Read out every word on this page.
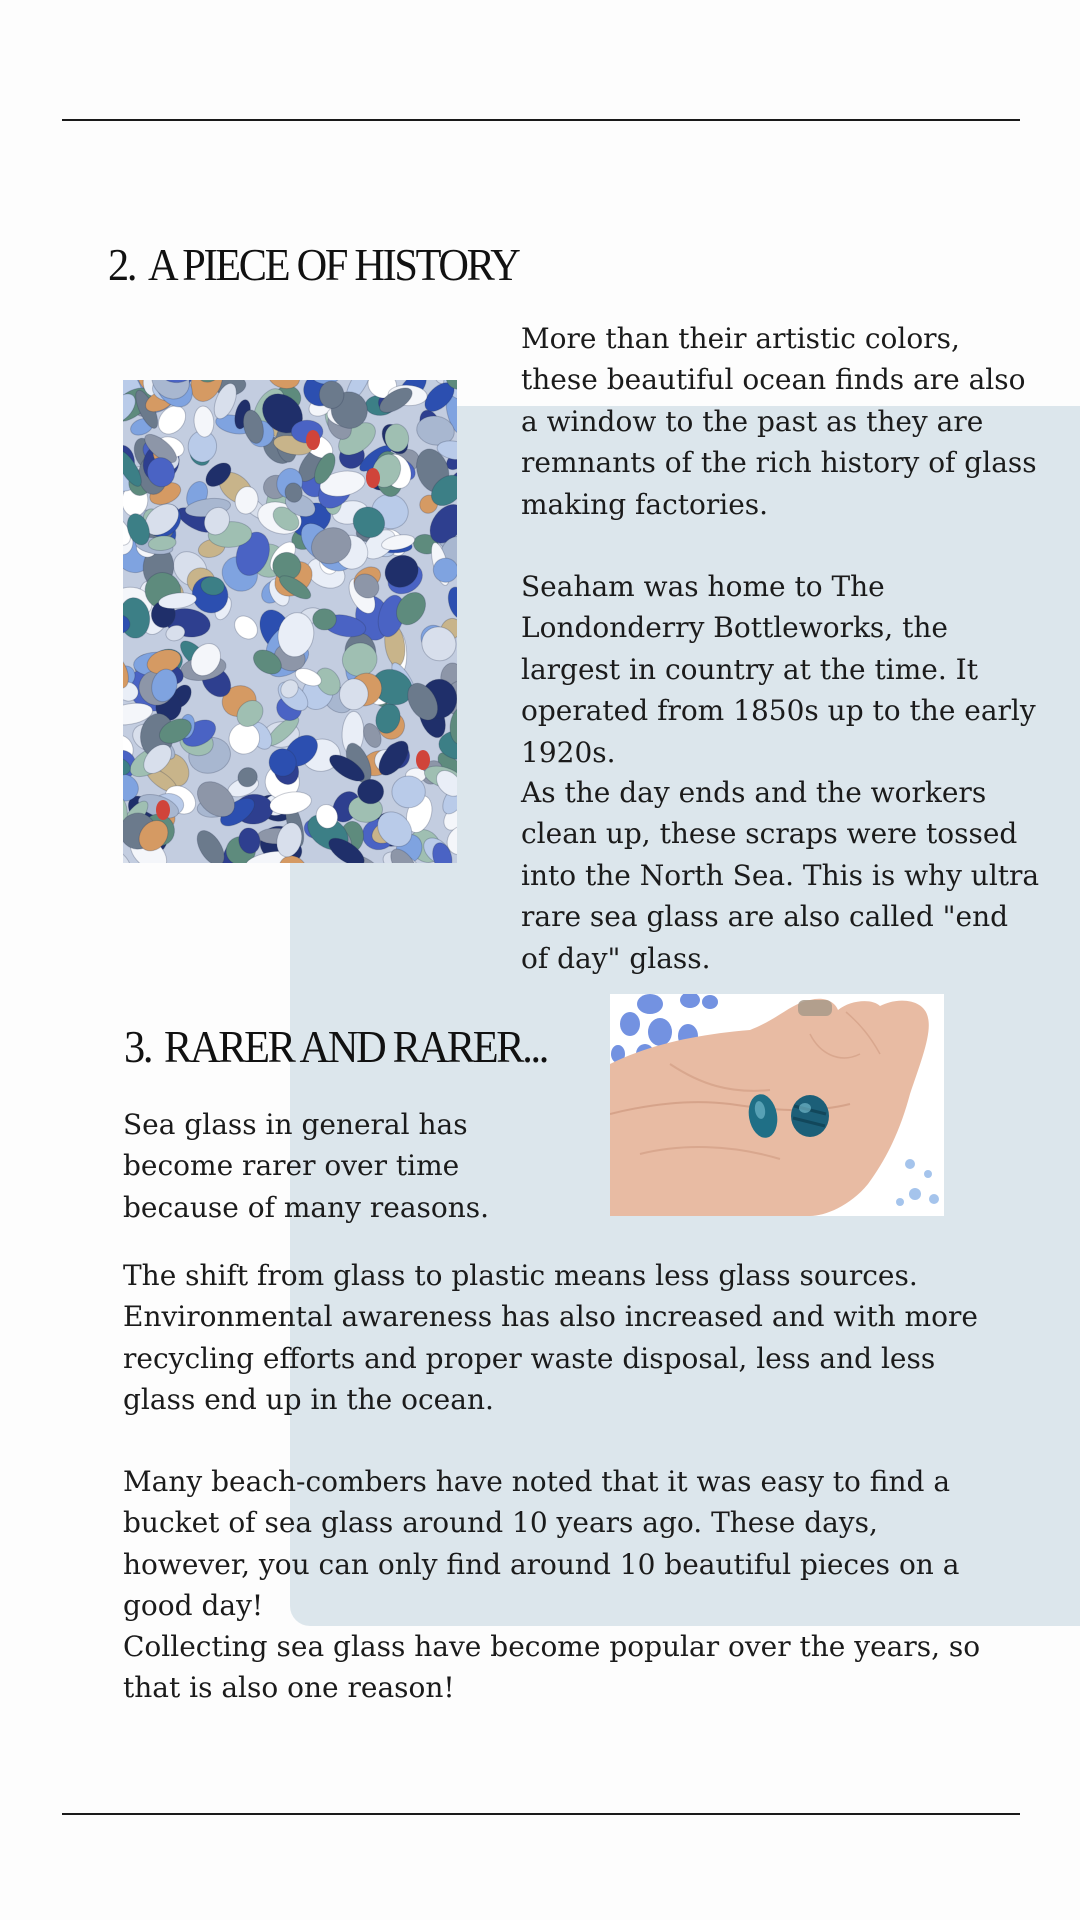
2. A PIECE OF HISTORY

More than their artistic colors, these beautiful ocean finds are also a window to the past as they are remnants of the rich history of glass making factories.

Seaham was home to The Londonderry Bottleworks, the largest in country at the time. It operated from 1850s up to the early 1920s.

As the day ends and the workers clean up, these scraps were tossed into the North Sea. This is why ultra rare sea glass are also called "end of day" glass.

3. RARER AND RARER...

Sea glass in general has become rarer over time because of many reasons.

The shift from glass to plastic means less glass sources. Environmental awareness has also increased and with more recycling efforts and proper waste disposal, less and less glass end up in the ocean.

Many beach-combers have noted that it was easy to find a bucket of sea glass around 10 years ago. These days, however, you can only find around 10 beautiful pieces on a good day!

Collecting sea glass have become popular over the years, so that is also one reason!
